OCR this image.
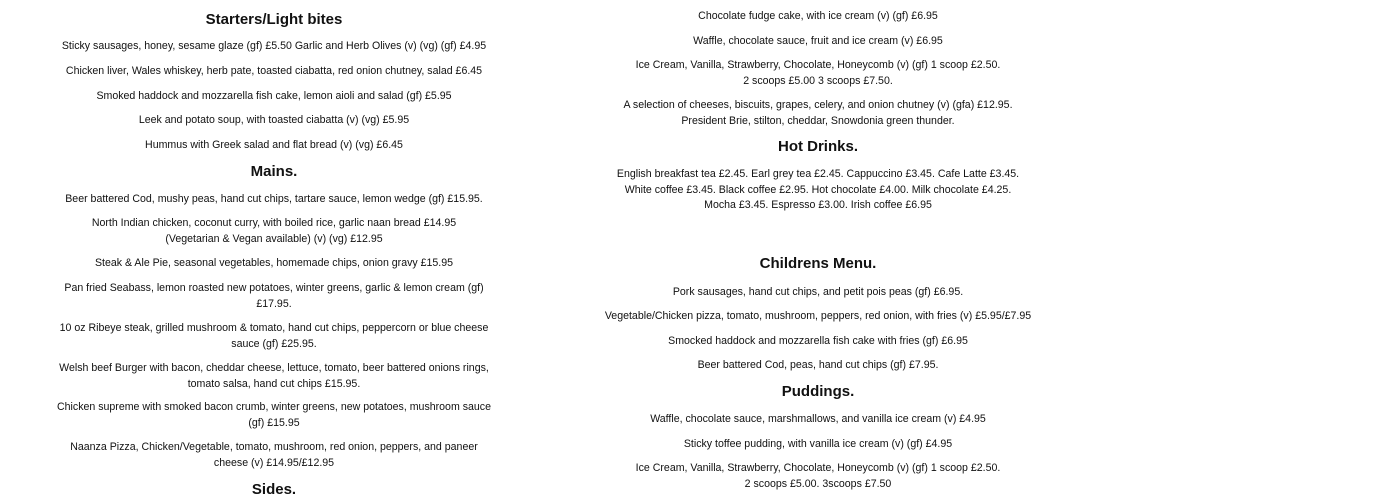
Starters/Light bites

Sticky sausages, honey, sesame glaze (gf) £5.50 Garlic and Herb Olives (v) (vg) (gf) £4.95

Chicken liver, Wales whiskey, herb pate, toasted ciabatta, red onion chutney, salad £6.45

Smoked haddock and mozzarella fish cake, lemon aioli and salad (gf) £5.95

Leek and potato soup, with toasted ciabatta (v) (vg) £5.95

Hummus with Greek salad and flat bread (v) (vg) £6.45

Mains.

Beer battered Cod, mushy peas, hand cut chips, tartare sauce, lemon wedge (gf) £15.95.

North Indian chicken, coconut curry, with boiled rice, garlic naan bread £14.95
(Vegetarian & Vegan available) (v) (vg) £12.95

Steak & Ale Pie, seasonal vegetables, homemade chips, onion gravy £15.95

Pan fried Seabass, lemon roasted new potatoes, winter greens, garlic & lemon cream (gf)
£17.95.

10 oz Ribeye steak, grilled mushroom & tomato, hand cut chips, peppercorn or blue cheese
sauce (gf) £25.95.

Welsh beef Burger with bacon, cheddar cheese, lettuce, tomato, beer battered onions rings,
tomato salsa, hand cut chips £15.95.

Chicken supreme with smoked bacon crumb, winter greens, new potatoes, mushroom sauce
(gf) £15.95

Naanza Pizza, Chicken/Vegetable, tomato, mushroom, red onion, peppers, and paneer
cheese (v) £14.95/£12.95

Sides.

Chocolate fudge cake, with ice cream (v) (gf) £6.95

Waffle, chocolate sauce, fruit and ice cream (v) £6.95

Ice Cream, Vanilla, Strawberry, Chocolate, Honeycomb (v) (gf) 1 scoop £2.50.
2 scoops £5.00 3 scoops £7.50.

A selection of cheeses, biscuits, grapes, celery, and onion chutney (v) (gfa) £12.95.
President Brie, stilton, cheddar, Snowdonia green thunder.

Hot Drinks.

English breakfast tea £2.45. Earl grey tea £2.45. Cappuccino £3.45. Cafe Latte £3.45.
White coffee £3.45. Black coffee £2.95. Hot chocolate £4.00. Milk chocolate £4.25.
Mocha £3.45. Espresso £3.00. Irish coffee £6.95

Childrens Menu.

Pork sausages, hand cut chips, and petit pois peas (gf) £6.95.

Vegetable/Chicken pizza, tomato, mushroom, peppers, red onion, with fries (v) £5.95/£7.95

Smocked haddock and mozzarella fish cake with fries (gf) £6.95

Beer battered Cod, peas, hand cut chips (gf) £7.95.

Puddings.

Waffle, chocolate sauce, marshmallows, and vanilla ice cream (v) £4.95

Sticky toffee pudding, with vanilla ice cream (v) (gf) £4.95

Ice Cream, Vanilla, Strawberry, Chocolate, Honeycomb (v) (gf) 1 scoop £2.50.
2 scoops £5.00. 3scoops £7.50
